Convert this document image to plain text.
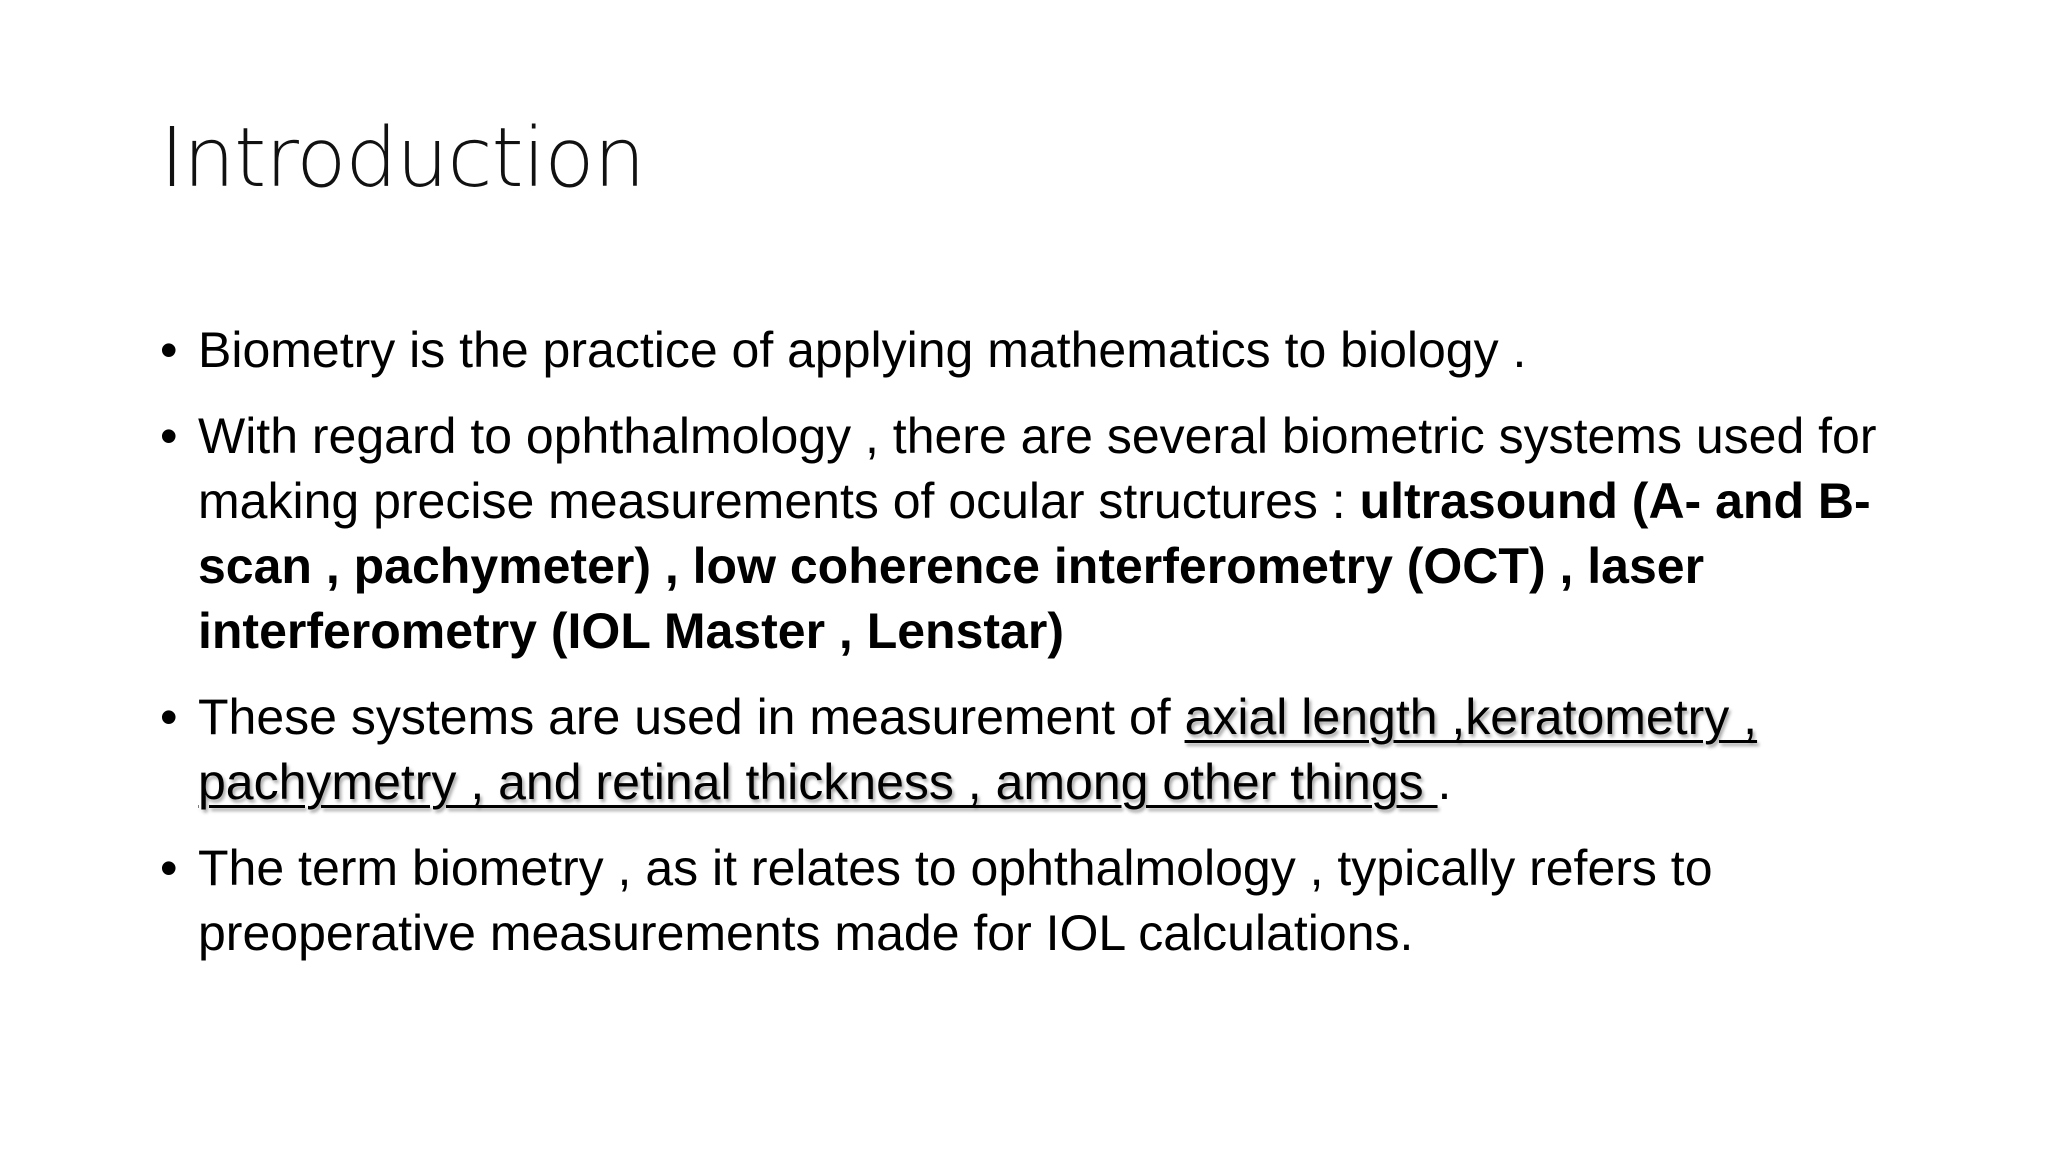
Introduction
• Biometry is the practice of applying mathematics to biology .
• With regard to ophthalmology , there are several biometric systems used for making precise measurements of ocular structures : ultrasound (A- and B-scan , pachymeter) , low coherence interferometry (OCT) , laser interferometry (IOL Master , Lenstar)
• These systems are used in measurement of axial length ,keratometry , pachymetry , and retinal thickness , among other things .
• The term biometry , as it relates to ophthalmology , typically refers to preoperative measurements made for IOL calculations.
